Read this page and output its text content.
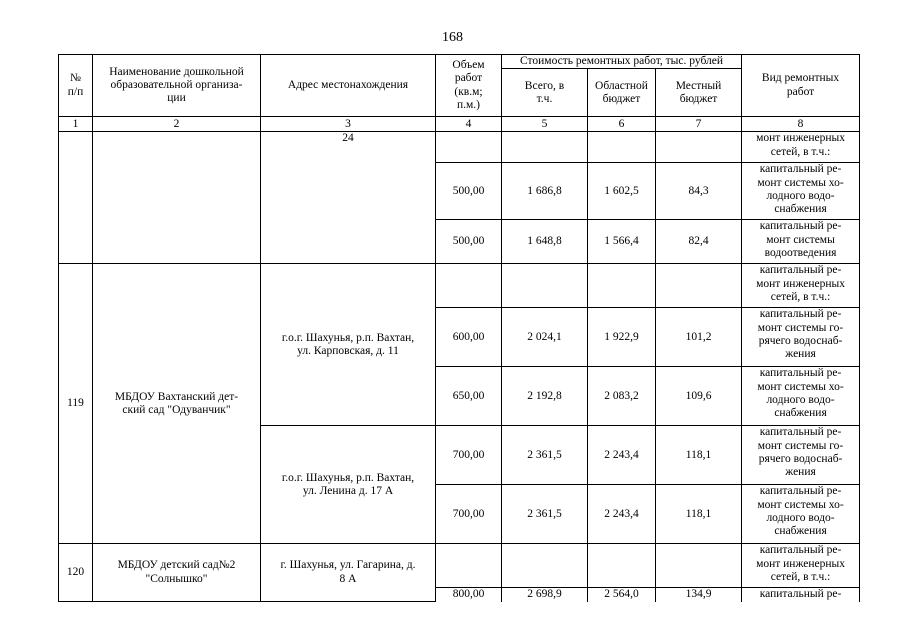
168
№
п/п	Наименование дошкольной
образовательной организа-
ции	Адрес местонахождения	Объем
работ
(кв.м;
п.м.)	Стоимость ремонтных работ, тыс. рублей			Вид ремонтных
работ
				Всего, в
т.ч.	Областной
бюджет	Местный
бюджет	
1	2	3	4	5	6	7	8
		24					монт инженерных
сетей, в т.ч.:
			500,00	1 686,8	1 602,5	84,3	капитальный ре-
монт системы хо-
лодного водо-
снабжения
			500,00	1 648,8	1 566,4	82,4	капитальный ре-
монт системы
водоотведения
119	МБДОУ Вахтанский дет-
ский сад "Одуванчик"	г.о.г. Шахунья, р.п. Вахтан,
ул. Карповская, д. 11					капитальный ре-
монт инженерных
сетей, в т.ч.:
			600,00	2 024,1	1 922,9	101,2	капитальный ре-
монт системы го-
рячего водоснаб-
жения
			650,00	2 192,8	2 083,2	109,6	капитальный ре-
монт системы хо-
лодного водо-
снабжения
		г.о.г. Шахунья, р.п. Вахтан,
ул. Ленина д. 17 А	700,00	2 361,5	2 243,4	118,1	капитальный ре-
монт системы го-
рячего водоснаб-
жения
			700,00	2 361,5	2 243,4	118,1	капитальный ре-
монт системы хо-
лодного водо-
снабжения
120	МБДОУ детский сад№2
"Солнышко"	г. Шахунья, ул. Гагарина, д.
8 А					капитальный ре-
монт инженерных
сетей, в т.ч.:
			800,00	2 698,9	2 564,0	134,9	капитальный ре-
